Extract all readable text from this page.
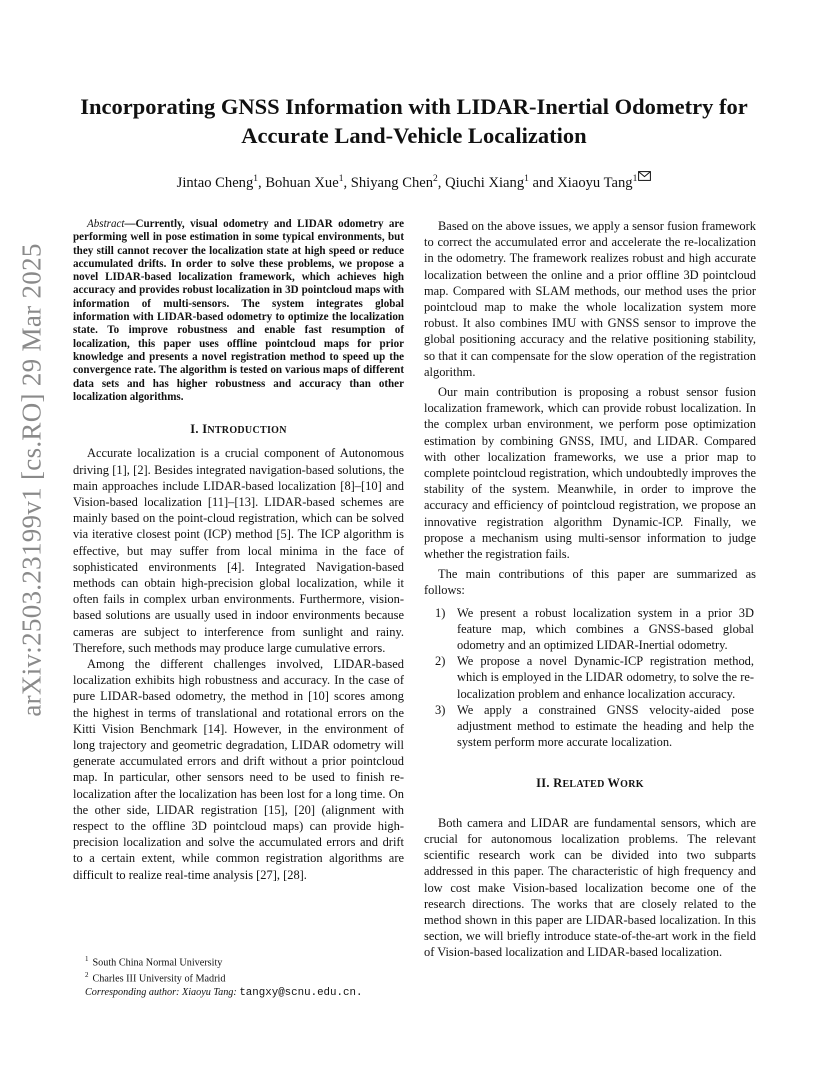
arXiv:2503.23199v1 [cs.RO] 29 Mar 2025
Incorporating GNSS Information with LIDAR-Inertial Odometry for
Accurate Land-Vehicle Localization
Jintao Cheng$^1$, Bohuan Xue$^1$, Shiyang Chen$^2$, Qiuchi Xiang$^1$ and Xiaoyu Tang$^1$

Abstract—Currently, visual odometry and LIDAR odometry are performing well in pose estimation in some typical environments, but they still cannot recover the localization state at high speed or reduce accumulated drifts. In order to solve these problems, we propose a novel LIDAR-based localization framework, which achieves high accuracy and provides robust localization in 3D pointcloud maps with information of multi-sensors. The system integrates global information with LIDAR-based odometry to optimize the localization state. To improve robustness and enable fast resumption of localization, this paper uses offline pointcloud maps for prior knowledge and presents a novel registration method to speed up the convergence rate. The algorithm is tested on various maps of different data sets and has higher robustness and accuracy than other localization algorithms.

I. INTRODUCTION

Accurate localization is a crucial component of Autonomous driving [1], [2]. Besides integrated navigation-based solutions, the main approaches include LIDAR-based localization [8]–[10] and Vision-based localization [11]–[13]. LIDAR-based schemes are mainly based on the point-cloud registration, which can be solved via iterative closest point (ICP) method [5]. The ICP algorithm is effective, but may suffer from local minima in the face of sophisticated environments [4]. Integrated Navigation-based methods can obtain high-precision global localization, while it often fails in complex urban environments. Furthermore, vision-based solutions are usually used in indoor environments because cameras are subject to interference from sunlight and rainy. Therefore, such methods may produce large cumulative errors.

Among the different challenges involved, LIDAR-based localization exhibits high robustness and accuracy. In the case of pure LIDAR-based odometry, the method in [10] scores among the highest in terms of translational and rotational errors on the Kitti Vision Benchmark [14]. However, in the environment of long trajectory and geometric degradation, LIDAR odometry will generate accumulated errors and drift without a prior pointcloud map. In particular, other sensors need to be used to finish re-localization after the localization has been lost for a long time. On the other side, LIDAR registration [15], [20] (alignment with respect to the offline 3D pointcloud maps) can provide high-precision localization and solve the accumulated errors and drift to a certain extent, while common registration algorithms are difficult to realize real-time analysis [27], [28].

Based on the above issues, we apply a sensor fusion framework to correct the accumulated error and accelerate the re-localization in the odometry. The framework realizes robust and high accurate localization between the online and a prior offline 3D pointcloud map. Compared with SLAM methods, our method uses the prior pointcloud map to make the whole localization system more robust. It also combines IMU with GNSS sensor to improve the global positioning accuracy and the relative positioning stability, so that it can compensate for the slow operation of the registration algorithm.

Our main contribution is proposing a robust sensor fusion localization framework, which can provide robust localization. In the complex urban environment, we perform pose optimization estimation by combining GNSS, IMU, and LIDAR. Compared with other localization frameworks, we use a prior map to complete pointcloud registration, which undoubtedly improves the stability of the system. Meanwhile, in order to improve the accuracy and efficiency of pointcloud registration, we propose an innovative registration algorithm Dynamic-ICP. Finally, we propose a mechanism using multi-sensor information to judge whether the registration fails.

The main contributions of this paper are summarized as follows:

1) We present a robust localization system in a prior 3D feature map, which combines a GNSS-based global odometry and an optimized LIDAR-Inertial odometry.
2) We propose a novel Dynamic-ICP registration method, which is employed in the LIDAR odometry, to solve the re-localization problem and enhance localization accuracy.
3) We apply a constrained GNSS velocity-aided pose adjustment method to estimate the heading and help the system perform more accurate localization.
II. RELATED WORK

Both camera and LIDAR are fundamental sensors, which are crucial for autonomous localization problems. The relevant scientific research work can be divided into two subparts addressed in this paper. The characteristic of high frequency and low cost make Vision-based localization become one of the research directions. The works that are closely related to the method shown in this paper are LIDAR-based localization. In this section, we will briefly introduce state-of-the-art work in the field of Vision-based localization and LIDAR-based localization.

$^1$ South China Normal University
$^2$ Charles III University of Madrid
Corresponding author: Xiaoyu Tang: tangxy@scnu.edu.cn.
